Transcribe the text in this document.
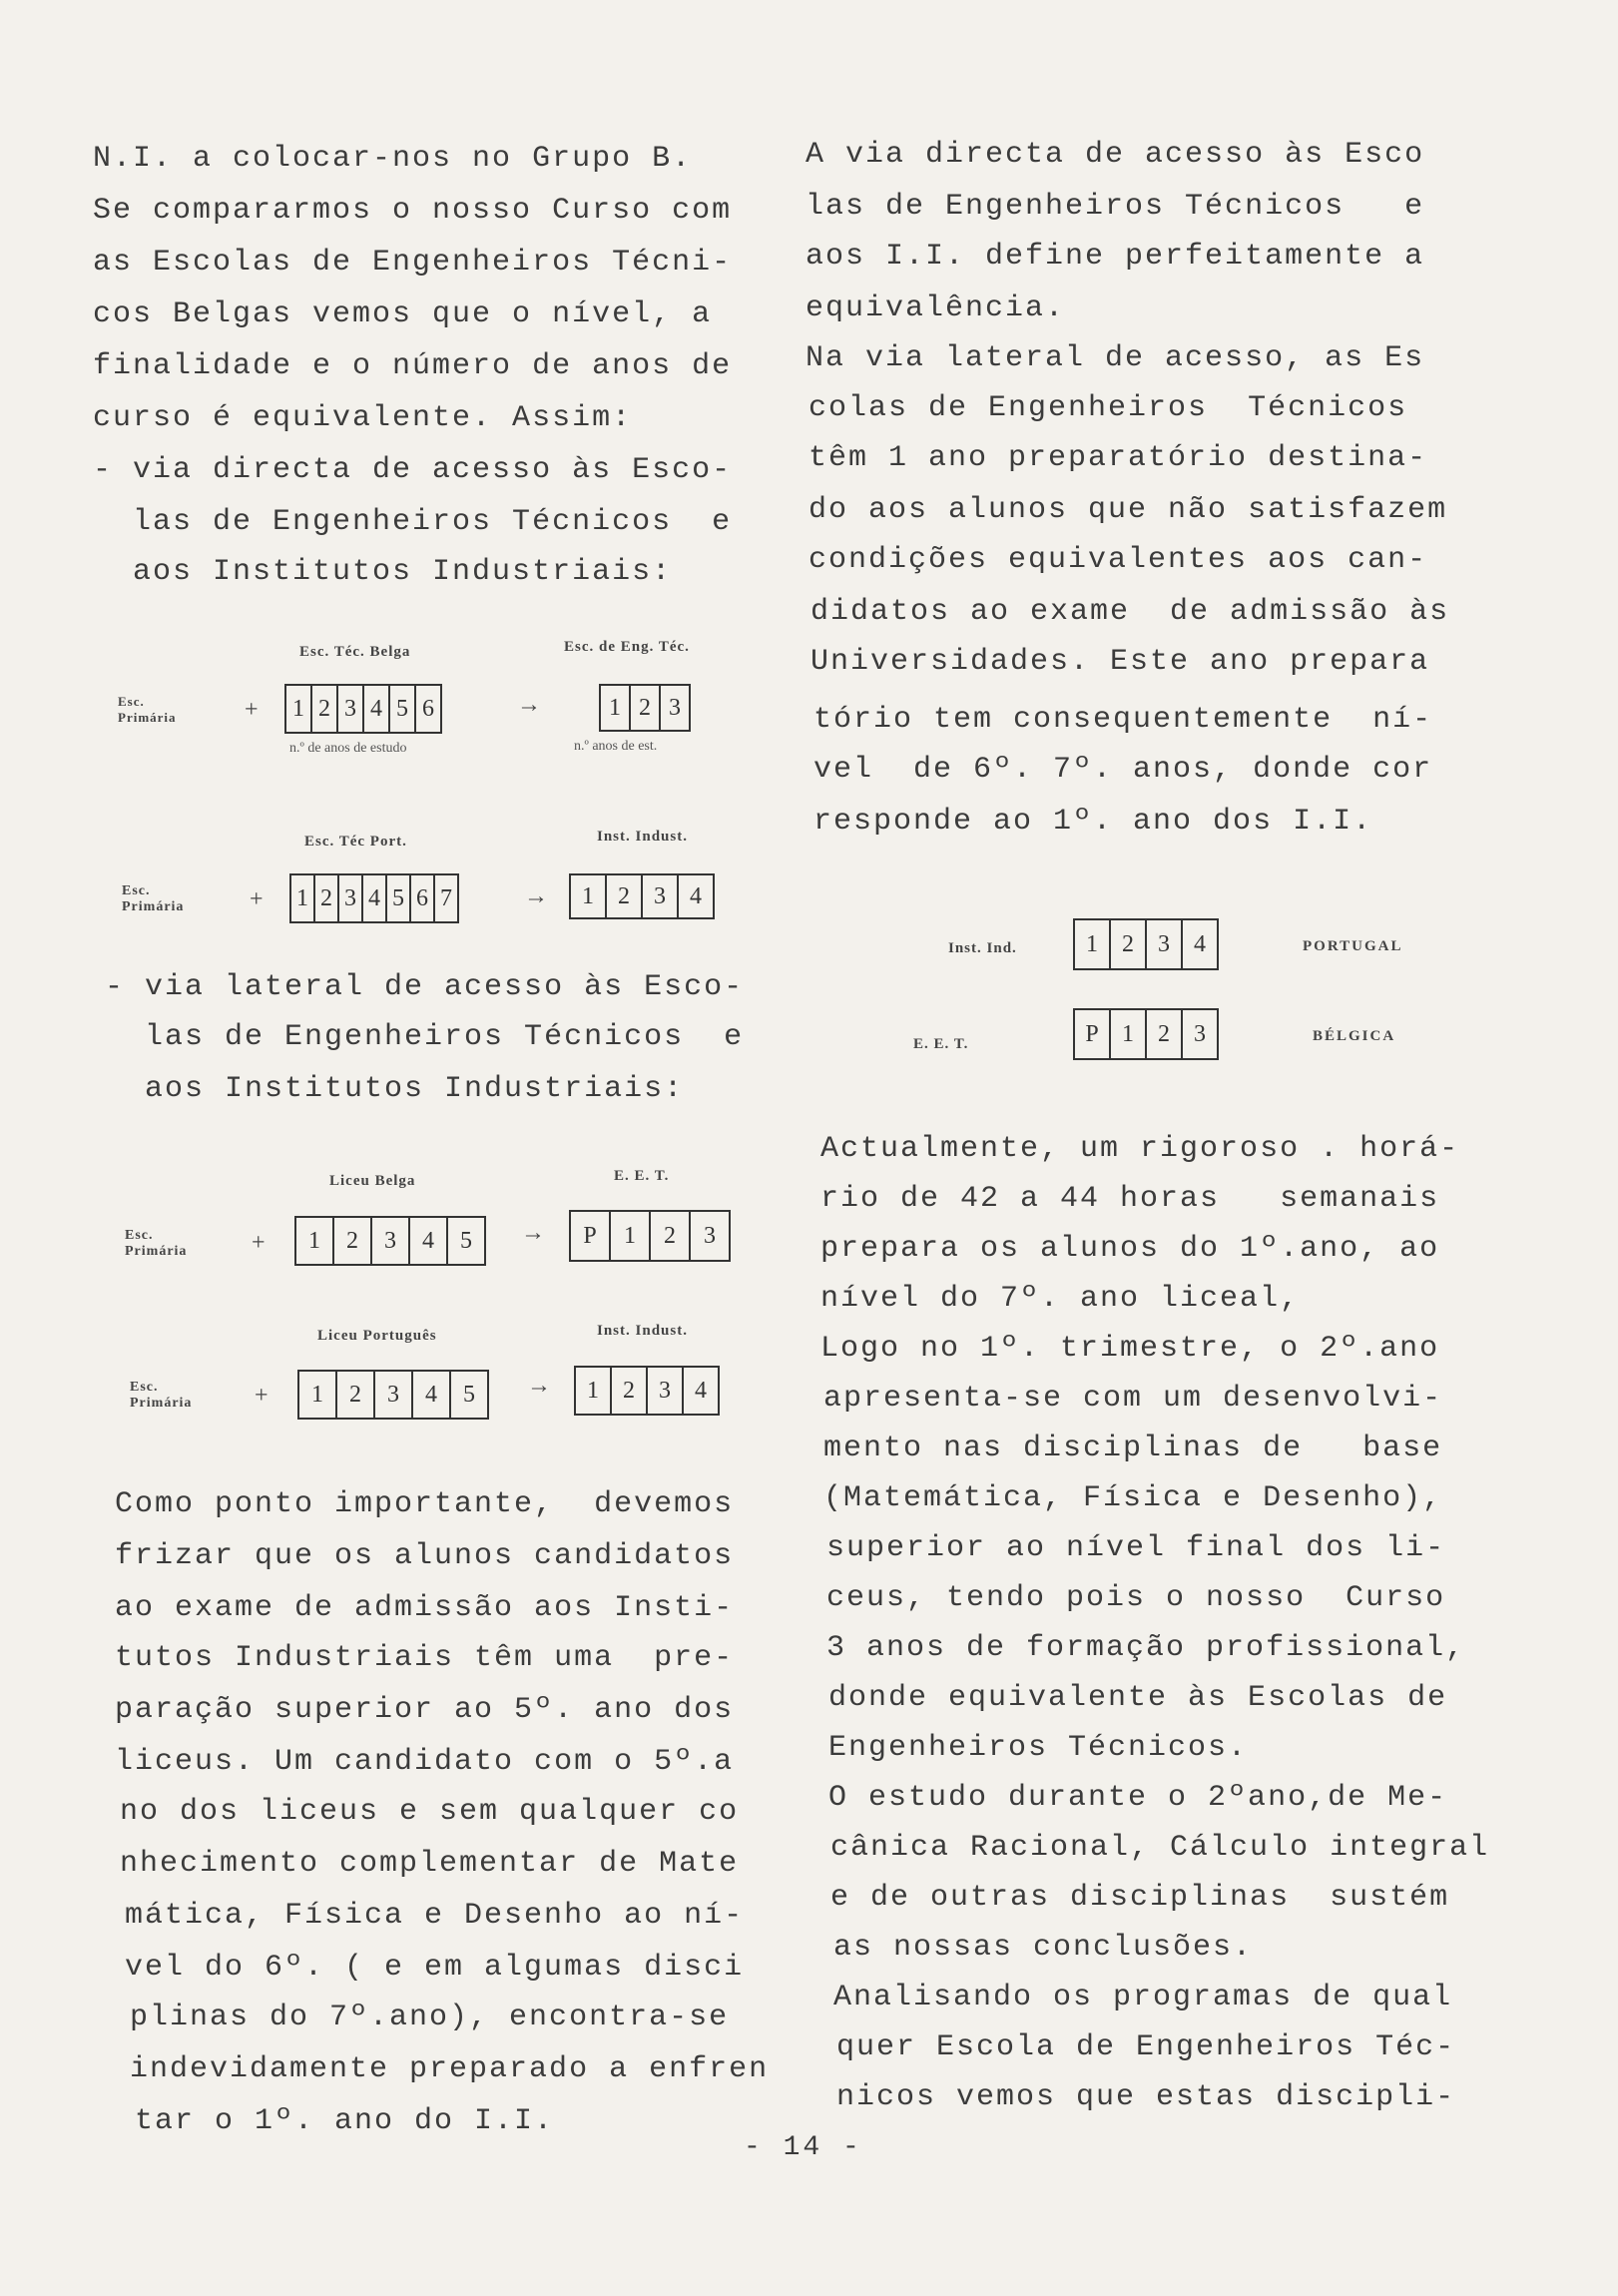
N.I. a colocar-nos no Grupo B.
Se compararmos o nosso Curso com
as Escolas de Engenheiros Técni-
cos Belgas vemos que o nível, a
finalidade e o número de anos de
curso é equivalente. Assim:
- via directa de acesso às Esco-
las de Engenheiros Técnicos  e
aos Institutos Industriais:
Esc. Téc. Belga	Esc. de Eng. Téc.
Esc.
Primária	+	1 2 3 4 5 6	→	1 2 3
n.º de anos de estudo	n.º anos de est.
Esc. Téc Port.	Inst. Indust.
Esc.
Primária	+ 1 2 3 4 5 6 7	→	1	2	3	4
- via lateral de acesso às Esco-
las de Engenheiros Técnicos  e
aos Institutos Industriais:
Liceu Belga	E. E. T.
Esc.
Primária	+	1	2	3	4	5	→	P	1	2	3
Liceu Português	Inst. Indust.
Esc.
Primária	+	1	2	3	4	5	→	1	2	3	4
Como ponto importante,  devemos
frizar que os alunos candidatos
ao exame de admissão aos Insti-
tutos Industriais têm uma  pre-
paração superior ao 5º. ano dos
liceus. Um candidato com o 5º.a
no dos liceus e sem qualquer co
nhecimento complementar de Mate
mática, Física e Desenho ao ní-
vel do 6º. ( e em algumas disci
plinas do 7º.ano), encontra-se
indevidamente preparado a enfren
tar o 1º. ano do I.I.
A via directa de acesso às Esco
las de Engenheiros Técnicos   e
aos I.I. define perfeitamente a
equivalência.
Na via lateral de acesso, as Es
colas de Engenheiros  Técnicos
têm 1 ano preparatório destina-
do aos alunos que não satisfazem
condições equivalentes aos can-
didatos ao exame  de admissão às
Universidades. Este ano prepara
tório tem consequentemente  ní-
vel  de 6º. 7º. anos, donde cor
responde ao 1º. ano dos I.I.
Inst. Ind.	1	2	3	4	PORTUGAL
E. E. T.	P 1	2	3	BÉLGICA
Actualmente, um rigoroso . horá-
rio de 42 a 44 horas   semanais
prepara os alunos do 1º.ano, ao
nível do 7º. ano liceal,
Logo no 1º. trimestre, o 2º.ano
apresenta-se com um desenvolvi-
mento nas disciplinas de   base
(Matemática, Física e Desenho),
superior ao nível final dos li-
ceus, tendo pois o nosso  Curso
3 anos de formação profissional,
donde equivalente às Escolas de
Engenheiros Técnicos.
O estudo durante o 2ºano,de Me-
cânica Racional, Cálculo integral
e de outras disciplinas  sustém
as nossas conclusões.
Analisando os programas de qual
quer Escola de Engenheiros Téc-
nicos vemos que estas discipli-
- 14 -
